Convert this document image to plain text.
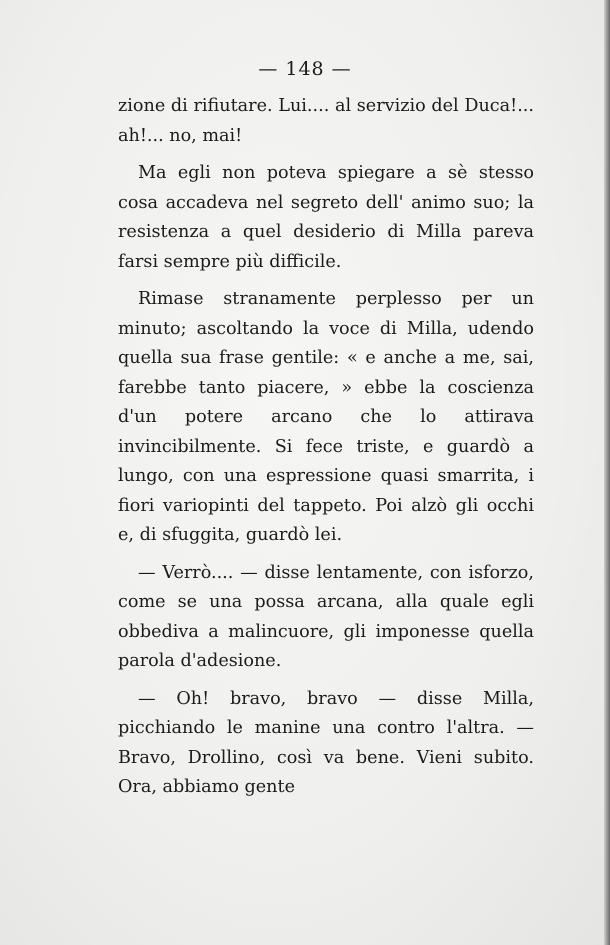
— 148 —

zione di rifiutare. Lui.... al servizio del Duca!... ah!... no, mai!

Ma egli non poteva spiegare a sè stesso cosa accadeva nel segreto dell' animo suo; la resistenza a quel desiderio di Milla pareva farsi sempre più difficile.

Rimase stranamente perplesso per un minuto; ascoltando la voce di Milla, udendo quella sua frase gentile: « e anche a me, sai, farebbe tanto piacere, » ebbe la coscienza d'un potere arcano che lo attirava invincibilmente. Si fece triste, e guardò a lungo, con una espressione quasi smarrita, i fiori variopinti del tappeto. Poi alzò gli occhi e, di sfuggita, guardò lei.

— Verrò.... — disse lentamente, con isforzo, come se una possa arcana, alla quale egli obbediva a malincuore, gli imponesse quella parola d'adesione.

— Oh! bravo, bravo — disse Milla, picchiando le manine una contro l'altra. — Bravo, Drollino, così va bene. Vieni subito. Ora, abbiamo gente
